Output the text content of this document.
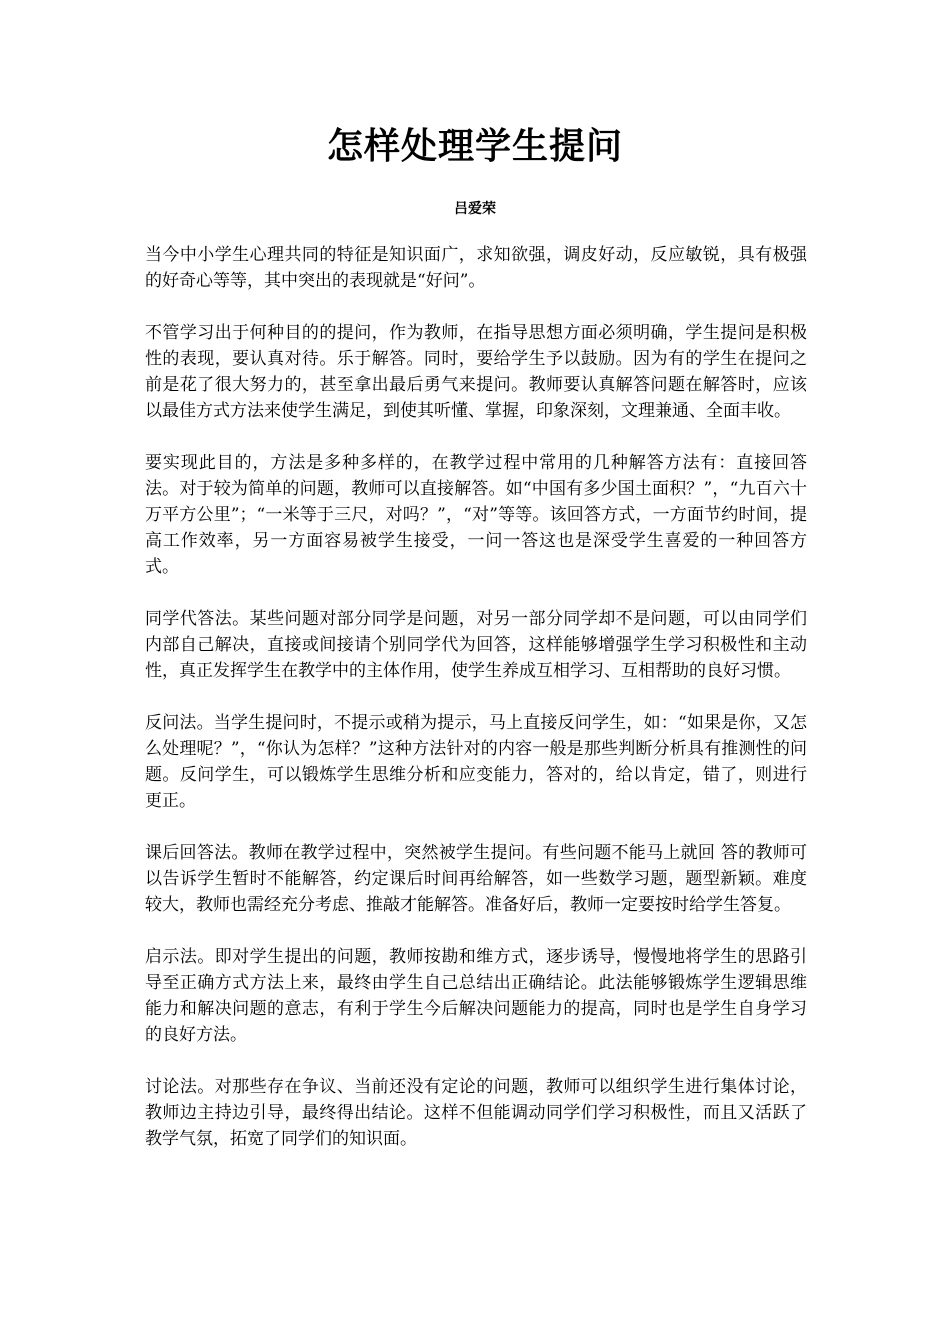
怎样处理学生提问
吕爱荣

当今中小学生心理共同的特征是知识面广，求知欲强，调皮好动，反应敏锐，具有极强的好奇心等等，其中突出的表现就是“好问”。

不管学习出于何种目的的提问，作为教师，在指导思想方面必须明确，学生提问是积极性的表现，要认真对待。乐于解答。同时，要给学生予以鼓励。因为有的学生在提问之前是花了很大努力的，甚至拿出最后勇气来提问。教师要认真解答问题在解答时，应该以最佳方式方法来使学生满足，到使其听懂、掌握，印象深刻，文理兼通、全面丰收。

要实现此目的，方法是多种多样的，在教学过程中常用的几种解答方法有：直接回答法。对于较为简单的问题，教师可以直接解答。如“中国有多少国土面积？”，“九百六十万平方公里”；“一米等于三尺，对吗？”，“对”等等。该回答方式，一方面节约时间，提高工作效率，另一方面容易被学生接受，一问一答这也是深受学生喜爱的一种回答方式。

同学代答法。某些问题对部分同学是问题，对另一部分同学却不是问题，可以由同学们内部自己解决，直接或间接请个别同学代为回答，这样能够增强学生学习积极性和主动性，真正发挥学生在教学中的主体作用，使学生养成互相学习、互相帮助的良好习惯。

反问法。当学生提问时，不提示或稍为提示，马上直接反问学生，如：“如果是你，又怎么处理呢？”，“你认为怎样？”这种方法针对的内容一般是那些判断分析具有推测性的问题。反问学生，可以锻炼学生思维分析和应变能力，答对的，给以肯定，错了，则进行更正。

课后回答法。教师在教学过程中，突然被学生提问。有些问题不能马上就回 答的教师可以告诉学生暂时不能解答，约定课后时间再给解答，如一些数学习题，题型新颖。难度较大，教师也需经充分考虑、推敲才能解答。准备好后，教师一定要按时给学生答复。

启示法。即对学生提出的问题，教师按勘和维方式，逐步诱导，慢慢地将学生的思路引导至正确方式方法上来，最终由学生自己总结出正确结论。此法能够锻炼学生逻辑思维能力和解决问题的意志，有利于学生今后解决问题能力的提高，同时也是学生自身学习的良好方法。

讨论法。对那些存在争议、当前还没有定论的问题，教师可以组织学生进行集体讨论，教师边主持边引导，最终得出结论。这样不但能调动同学们学习积极性，而且又活跃了教学气氛，拓宽了同学们的知识面。
